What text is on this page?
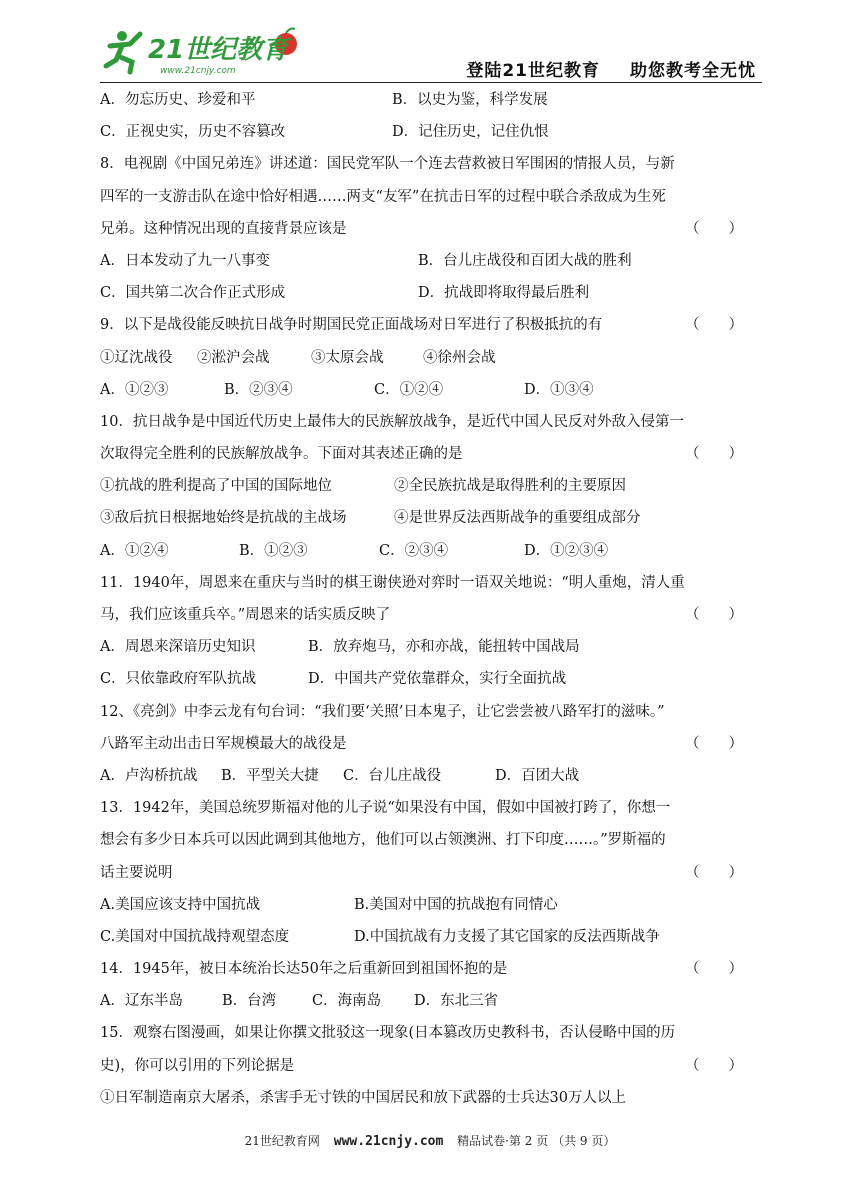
21世纪教育
www.21cnjy.com	登陆21世纪教育 助您教考全无忧
A．勿忘历史、珍爱和平	B．以史为鉴，科学发展
C．正视史实，历史不容篡改	D．记住历史，记住仇恨
8．电视剧《中国兄弟连》讲述道：国民党军队一个连去营救被日军围困的情报人员，与新
四军的一支游击队在途中恰好相遇……两支“友军”在抗击日军的过程中联合杀敌成为生死
兄弟。这种情况出现的直接背景应该是	（　　）
A．日本发动了九一八事变	B．台儿庄战役和百团大战的胜利
C．国共第二次合作正式形成	D．抗战即将取得最后胜利
9．以下是战役能反映抗日战争时期国民党正面战场对日军进行了积极抵抗的有	（　　）
①辽沈战役 ②淞沪会战	③太原会战	④徐州会战
A．①②③	B．②③④	C．①②④	D．①③④
10．抗日战争是中国近代历史上最伟大的民族解放战争，是近代中国人民反对外敌入侵第一
次取得完全胜利的民族解放战争。下面对其表述正确的是	（　　）
①抗战的胜利提高了中国的国际地位	②全民族抗战是取得胜利的主要原因
③敌后抗日根据地始终是抗战的主战场	④是世界反法西斯战争的重要组成部分
A．①②④	B．①②③	C．②③④	D．①②③④
11．1940年，周恩来在重庆与当时的棋王谢侠逊对弈时一语双关地说：“明人重炮，清人重
马，我们应该重兵卒。”周恩来的话实质反映了	（　　）
A．周恩来深谙历史知识	B．放弃炮马，亦和亦战，能扭转中国战局
C．只依靠政府军队抗战	D．中国共产党依靠群众，实行全面抗战
12、《亮剑》中李云龙有句台词：“我们要‘关照’日本鬼子，让它尝尝被八路军打的滋味。”
八路军主动出击日军规模最大的战役是	（　　）
A．卢沟桥抗战 B．平型关大捷 C．台儿庄战役	D．百团大战
13．1942年，美国总统罗斯福对他的儿子说“如果没有中国，假如中国被打跨了，你想一
想会有多少日本兵可以因此调到其他地方，他们可以占领澳洲、打下印度……。”罗斯福的
话主要说明	（　　）
A.美国应该支持中国抗战	B.美国对中国的抗战抱有同情心
C.美国对中国抗战持观望态度	D.中国抗战有力支援了其它国家的反法西斯战争
14．1945年，被日本统治长达50年之后重新回到祖国怀抱的是	（　　）
A．辽东半岛	B．台湾 C．海南岛 D．东北三省
15．观察右图漫画，如果让你撰文批驳这一现象(日本篡改历史教科书，否认侵略中国的历
史)，你可以引用的下列论据是	（　　）
①日军制造南京大屠杀，杀害手无寸铁的中国居民和放下武器的士兵达30万人以上
21世纪教育网 www.21cnjy.com 精品试卷·第 2 页 （共 9 页）
